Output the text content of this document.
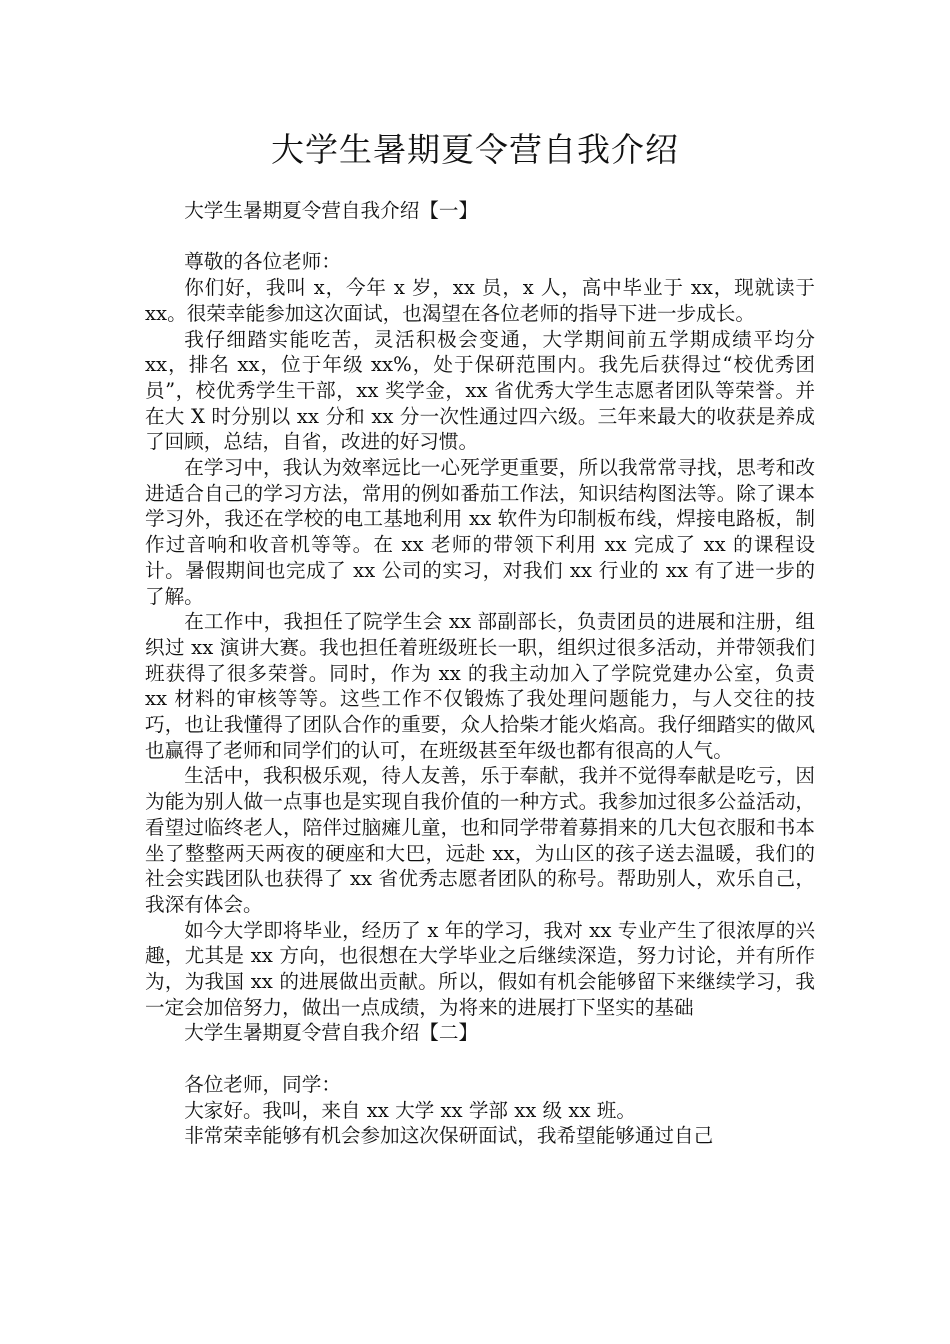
大学生暑期夏令营自我介绍
大学生暑期夏令营自我介绍【一】

尊敬的各位老师：

你们好，我叫 x，今年 x 岁，xx 员，x 人，高中毕业于 xx，现就读于 xx。很荣幸能参加这次面试，也渴望在各位老师的指导下进一步成长。

我仔细踏实能吃苦，灵活积极会变通，大学期间前五学期成绩平均分 xx，排名 xx，位于年级 xx%，处于保研范围内。我先后获得过“校优秀团员”，校优秀学生干部，xx 奖学金，xx 省优秀大学生志愿者团队等荣誉。并在大 X 时分别以 xx 分和 xx 分一次性通过四六级。三年来最大的收获是养成了回顾，总结，自省，改进的好习惯。

在学习中，我认为效率远比一心死学更重要，所以我常常寻找，思考和改进适合自己的学习方法，常用的例如番茄工作法，知识结构图法等。除了课本学习外，我还在学校的电工基地利用 xx 软件为印制板布线，焊接电路板，制作过音响和收音机等等。在 xx 老师的带领下利用 xx 完成了 xx 的课程设计。暑假期间也完成了 xx 公司的实习，对我们 xx 行业的 xx 有了进一步的了解。

在工作中，我担任了院学生会 xx 部副部长，负责团员的进展和注册，组织过 xx 演讲大赛。我也担任着班级班长一职，组织过很多活动，并带领我们班获得了很多荣誉。同时，作为 xx 的我主动加入了学院党建办公室，负责 xx 材料的审核等等。这些工作不仅锻炼了我处理问题能力，与人交往的技巧，也让我懂得了团队合作的重要，众人拾柴才能火焰高。我仔细踏实的做风也赢得了老师和同学们的认可，在班级甚至年级也都有很高的人气。

生活中，我积极乐观，待人友善，乐于奉献，我并不觉得奉献是吃亏，因为能为别人做一点事也是实现自我价值的一种方式。我参加过很多公益活动，看望过临终老人，陪伴过脑瘫儿童，也和同学带着募捐来的几大包衣服和书本坐了整整两天两夜的硬座和大巴，远赴 xx，为山区的孩子送去温暖，我们的社会实践团队也获得了 xx 省优秀志愿者团队的称号。帮助别人，欢乐自己，我深有体会。

如今大学即将毕业，经历了 x 年的学习，我对 xx 专业产生了很浓厚的兴趣，尤其是 xx 方向，也很想在大学毕业之后继续深造，努力讨论，并有所作为，为我国 xx 的进展做出贡献。所以，假如有机会能够留下来继续学习，我一定会加倍努力，做出一点成绩，为将来的进展打下坚实的基础

大学生暑期夏令营自我介绍【二】

各位老师，同学：

大家好。我叫，来自 xx 大学 xx 学部 xx 级 xx 班。

非常荣幸能够有机会参加这次保研面试，我希望能够通过自己
